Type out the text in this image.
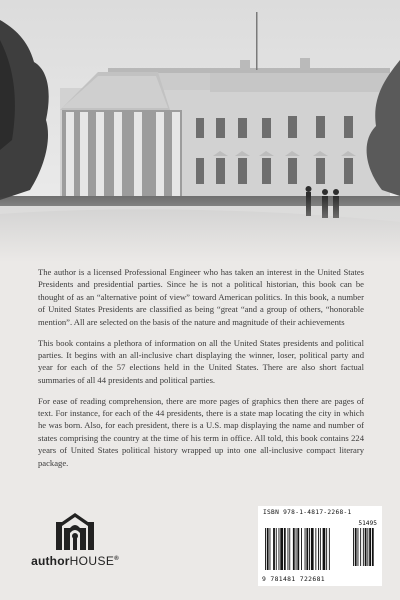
The author is a licensed Professional Engineer who has taken an interest in the United States Presidents and presidential parties. Since he is not a political historian, this book can be thought of as an “alternative point of view” toward American politics. In this book, a number of United States Presidents are classified as being “great “and a group of others, “honorable mention”. All are selected on the basis of the nature and magnitude of their achievements

This book contains a plethora of information on all the United States presidents and political parties. It begins with an all-inclusive chart displaying the winner, loser, political party and year for each of the 57 elections held in the United States. There are also short factual summaries of all 44 presidents and political parties.

For ease of reading comprehension, there are more pages of graphics then there are pages of text. For instance, for each of the 44 presidents, there is a state map locating the city in which he was born. Also, for each president, there is a U.S. map displaying the name and number of states comprising the country at the time of his term in office. All told, this book contains 224 years of United States political history wrapped up into one all-inclusive compact literary package.

authorHOUSE®
ISBN 978-1-4817-2268-1
51495
9 781481 722681
